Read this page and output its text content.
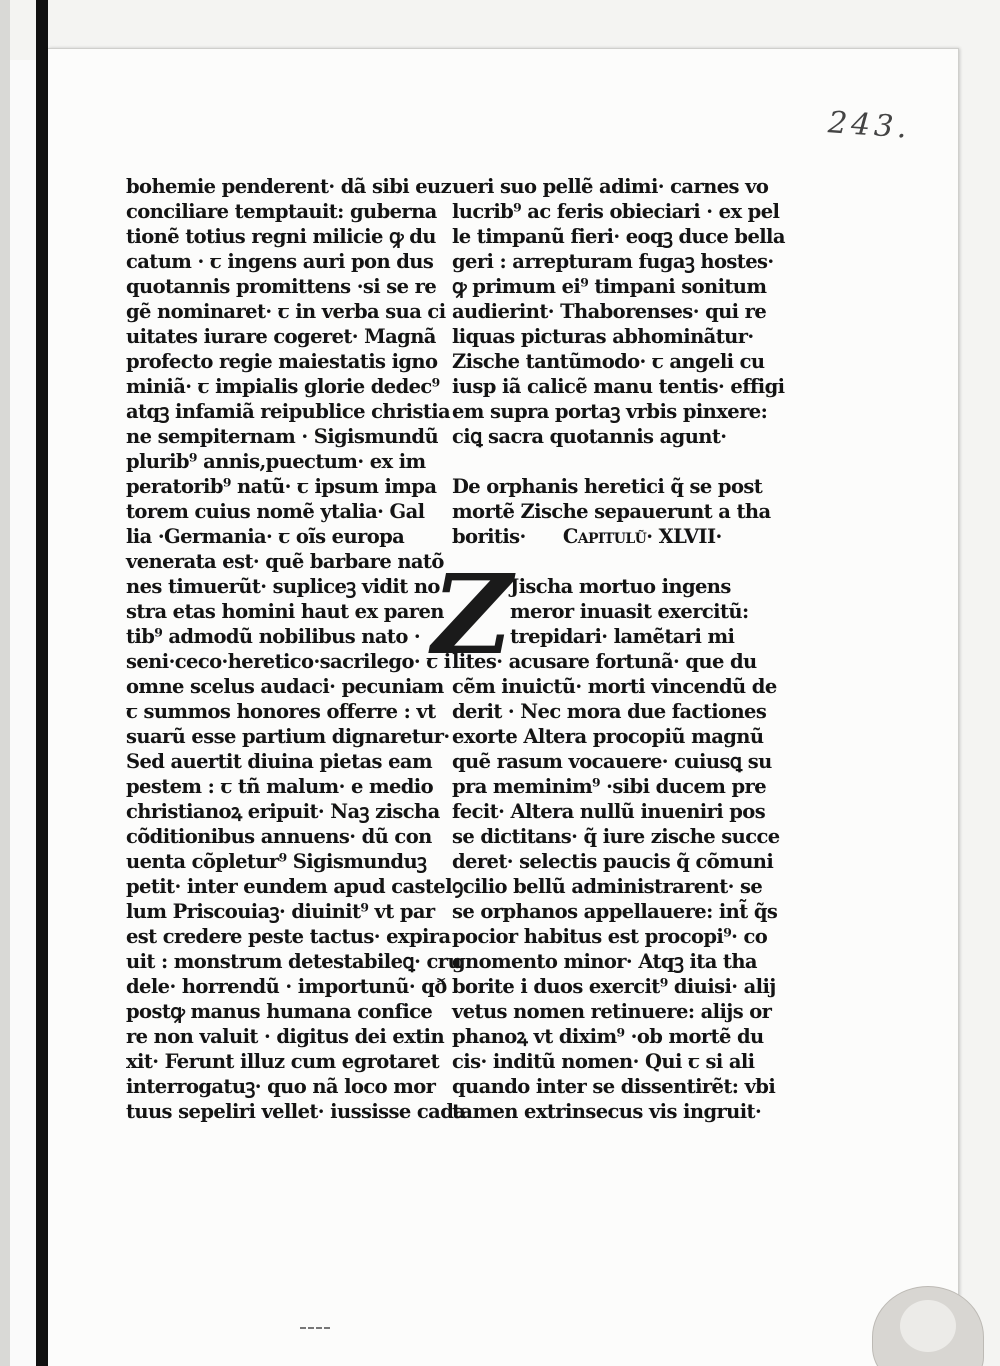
243.
bohemie penderent· dã sibi euz
conciliare temptauit: guberna
tionẽ totius regni milicie ꝙ du
catum · ꞇ ingens auri pon dus
quotannis promittens ·si se re
gẽ nominaret· ꞇ in verba sua ci
uitates iurare cogeret· Magnã
profecto regie maiestatis igno
miniã· ꞇ impialis glorie dedec⁹
atqꝫ infamiã reipublice christia
ne sempiternam · Sigismundũ
plurib⁹ annis,puectum· ex im
peratorib⁹ natũ· ꞇ ipsum impa
torem cuius nomẽ ytalia· Gal
lia ·Germania· ꞇ oĩs europa
venerata est· quẽ barbare natõ
nes timuerũt· supliceꝫ vidit no
stra etas homini haut ex paren
tib⁹ admodũ nobilibus nato ·
seni·ceco·heretico·sacrilego· ꞇ i
omne scelus audaci· pecuniam
ꞇ summos honores offerre : vt
suarũ esse partium dignaretur·
Sed auertit diuina pietas eam
pestem : ꞇ tñ malum· e medio
christianoꝝ eripuit· Naꝫ zischa
cõditionibus annuens· dũ con
uenta cõpletur⁹ Sigismunduꝫ
petit· inter eundem apud castel
lum Priscouiaꝫ· diuinit⁹ vt par
est credere peste tactus· expira
uit : monstrum detestabileꝗ· cru
dele· horrendũ · importunũ· qð
postꝙ manus humana confice
re non valuit · digitus dei extin
xit· Ferunt illuz cum egrotaret
interrogatuꝫ· quo nã loco mor
tuus sepeliri vellet· iussisse cada
ueri suo pellẽ adimi· carnes vo
lucrib⁹ ac feris obieciari · ex pel
le timpanũ fieri· eoqꝫ duce bella
geri : arrepturam fugaꝫ hostes·
ꝙ primum ei⁹ timpani sonitum
audierint· Thaborenses· qui re
liquas picturas abhominãtur·
Zische tantũmodo· ꞇ angeli cu
iusp iã calicẽ manu tentis· effigi
em supra portaꝫ vrbis pinxere:
ciꝗ sacra quotannis agunt·
De orphanis heretici q̃ se post
mortẽ Zische sepauerunt a tha
boritis· Capitulũ· XLVII·
Z
Jischa mortuo ingens
meror inuasit exercitũ:
trepidari· lamẽtari mi
lites· acusare fortunã· que du
cẽm inuictũ· morti vincendũ de
derit · Nec mora due factiones
exorte Altera procopiũ magnũ
quẽ rasum vocauere· cuiusꝗ su
pra meminim⁹ ·sibi ducem pre
fecit· Altera nullũ inueniri pos
se dictitans· q̃ iure zische succe
deret· selectis paucis q̃ cõmuni
ꝯcilio bellũ administrarent· se
se orphanos appellauere: int̃ q̃s
pocior habitus est procopi⁹· co
gnomento minor· Atqꝫ ita tha
borite i duos exercit⁹ diuisi· alij
vetus nomen retinuere: alijs or
phanoꝝ vt dixim⁹ ·ob mortẽ du
cis· inditũ nomen· Qui ꞇ si ali
quando inter se dissentirẽt: vbi
tamen extrinsecus vis ingruit·
